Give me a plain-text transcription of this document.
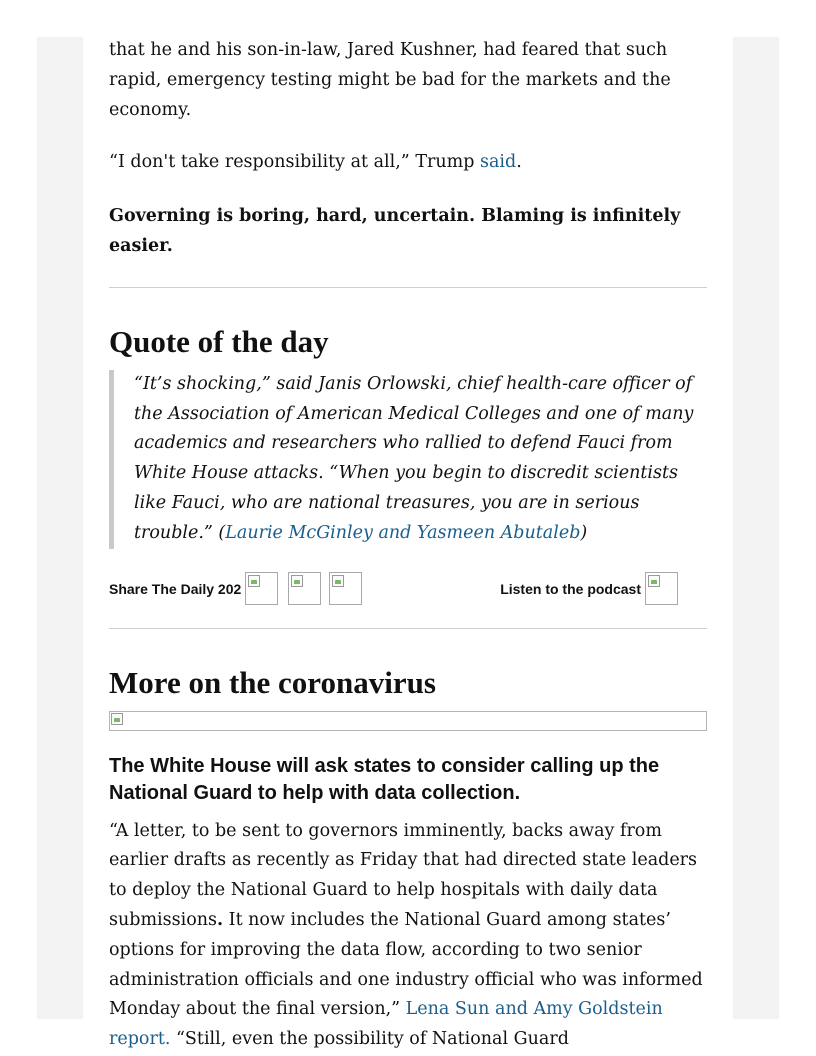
that he and his son-in-law, Jared Kushner, had feared that such rapid, emergency testing might be bad for the markets and the economy.

“I don't take responsibility at all,” Trump said.

Governing is boring, hard, uncertain. Blaming is infinitely easier.

Quote of the day
“It’s shocking,” said Janis Orlowski, chief health-care officer of the Association of American Medical Colleges and one of many academics and researchers who rallied to defend Fauci from White House attacks. “When you begin to discredit scientists like Fauci, who are national treasures, you are in serious trouble.” (Laurie McGinley and Yasmeen Abutaleb)
Share The Daily 202	Listen to the podcast
More on the coronavirus
The White House will ask states to consider calling up the National Guard to help with data collection.

“A letter, to be sent to governors imminently, backs away from earlier drafts as recently as Friday that had directed state leaders to deploy the National Guard to help hospitals with daily data submissions. It now includes the National Guard among states’ options for improving the data flow, according to two senior administration officials and one industry official who was informed Monday about the final version,” Lena Sun and Amy Goldstein report. “Still, even the possibility of National Guard
